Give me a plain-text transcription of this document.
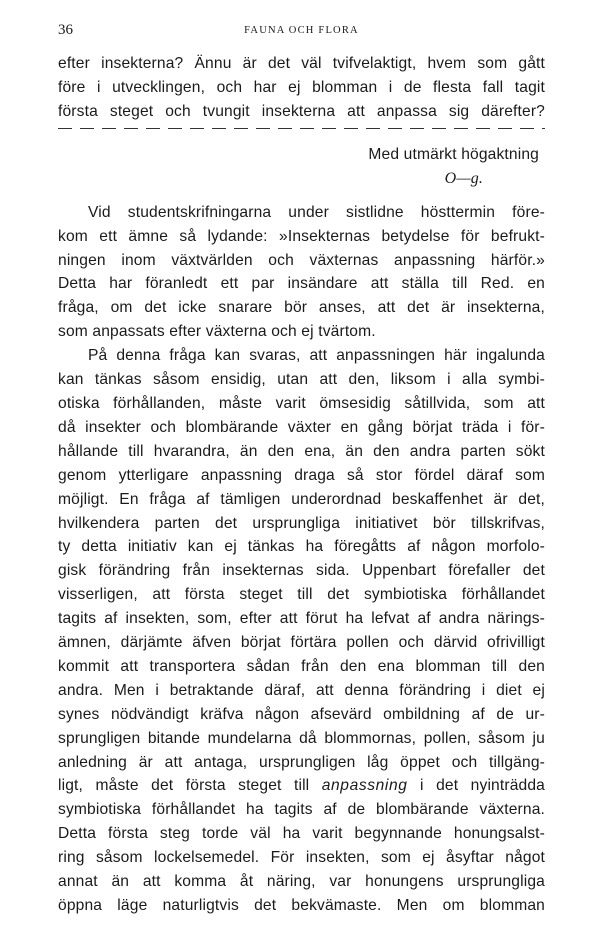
36	FAUNA OCH FLORA

efter insekterna? Ännu är det väl tvifvelaktigt, hvem som gått

före i utvecklingen, och har ej blomman i de flesta fall tagit

första steget och tvungit insekterna att anpassa sig därefter?

Med utmärkt högaktning
O—g.

Vid studentskrifningarna under sistlidne hösttermin före-

kom ett ämne så lydande: »Insekternas betydelse för befrukt-

ningen inom växtvärlden och växternas anpassning härför.»

Detta har föranledt ett par insändare att ställa till Red. en

fråga, om det icke snarare bör anses, att det är insekterna,

som anpassats efter växterna och ej tvärtom.

På denna fråga kan svaras, att anpassningen här ingalunda

kan tänkas såsom ensidig, utan att den, liksom i alla symbi-

otiska förhållanden, måste varit ömsesidig såtillvida, som att

då insekter och blombärande växter en gång börjat träda i för-

hållande till hvarandra, än den ena, än den andra parten sökt

genom ytterligare anpassning draga så stor fördel däraf som

möjligt. En fråga af tämligen underordnad beskaffenhet är det,

hvilkendera parten det ursprungliga initiativet bör tillskrifvas,

ty detta initiativ kan ej tänkas ha föregåtts af någon morfolo-

gisk förändring från insekternas sida. Uppenbart förefaller det

visserligen, att första steget till det symbiotiska förhållandet

tagits af insekten, som, efter att förut ha lefvat af andra närings-

ämnen, därjämte äfven börjat förtära pollen och därvid ofrivilligt

kommit att transportera sådan från den ena blomman till den

andra. Men i betraktande däraf, att denna förändring i diet ej

synes nödvändigt kräfva någon afsevärd ombildning af de ur-

sprungligen bitande mundelarna då blommornas, pollen, såsom ju

anledning är att antaga, ursprungligen låg öppet och tillgäng-

ligt, måste det första steget till anpassning i det nyinträdda

symbiotiska förhållandet ha tagits af de blombärande växterna.

Detta första steg torde väl ha varit begynnande honungsalst-

ring såsom lockelsemedel. För insekten, som ej åsyftar något

annat än att komma åt näring, var honungens ursprungliga

öppna läge naturligtvis det bekvämaste. Men om blomman
